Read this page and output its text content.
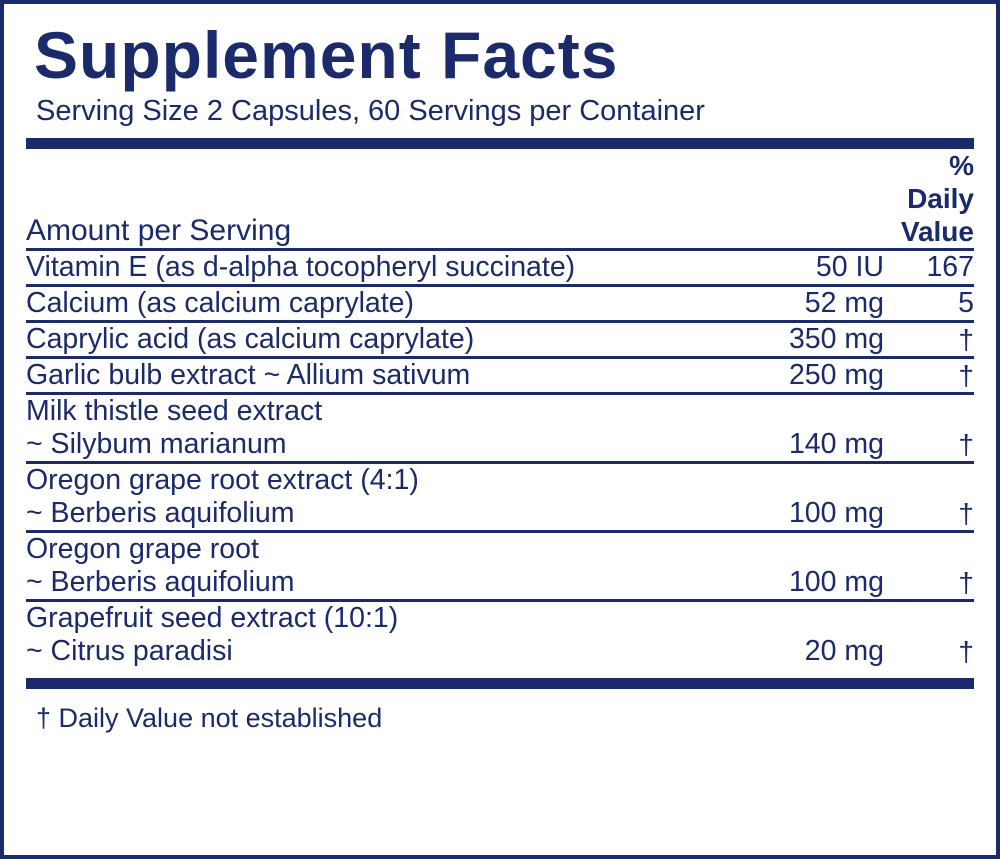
Supplement Facts
Serving Size 2 Capsules, 60 Servings per Container
Amount per Serving		% Daily
Value
Vitamin E (as d-alpha tocopheryl succinate)	50 IU	167
Calcium (as calcium caprylate)	52 mg	5
Caprylic acid (as calcium caprylate)	350 mg	†
Garlic bulb extract ~ Allium sativum	250 mg	†
Milk thistle seed extract		
~ Silybum marianum	140 mg	†
Oregon grape root extract (4:1)		
~ Berberis aquifolium	100 mg	†
Oregon grape root		
~ Berberis aquifolium	100 mg	†
Grapefruit seed extract (10:1)		
~ Citrus paradisi	20 mg	†
† Daily Value not established
